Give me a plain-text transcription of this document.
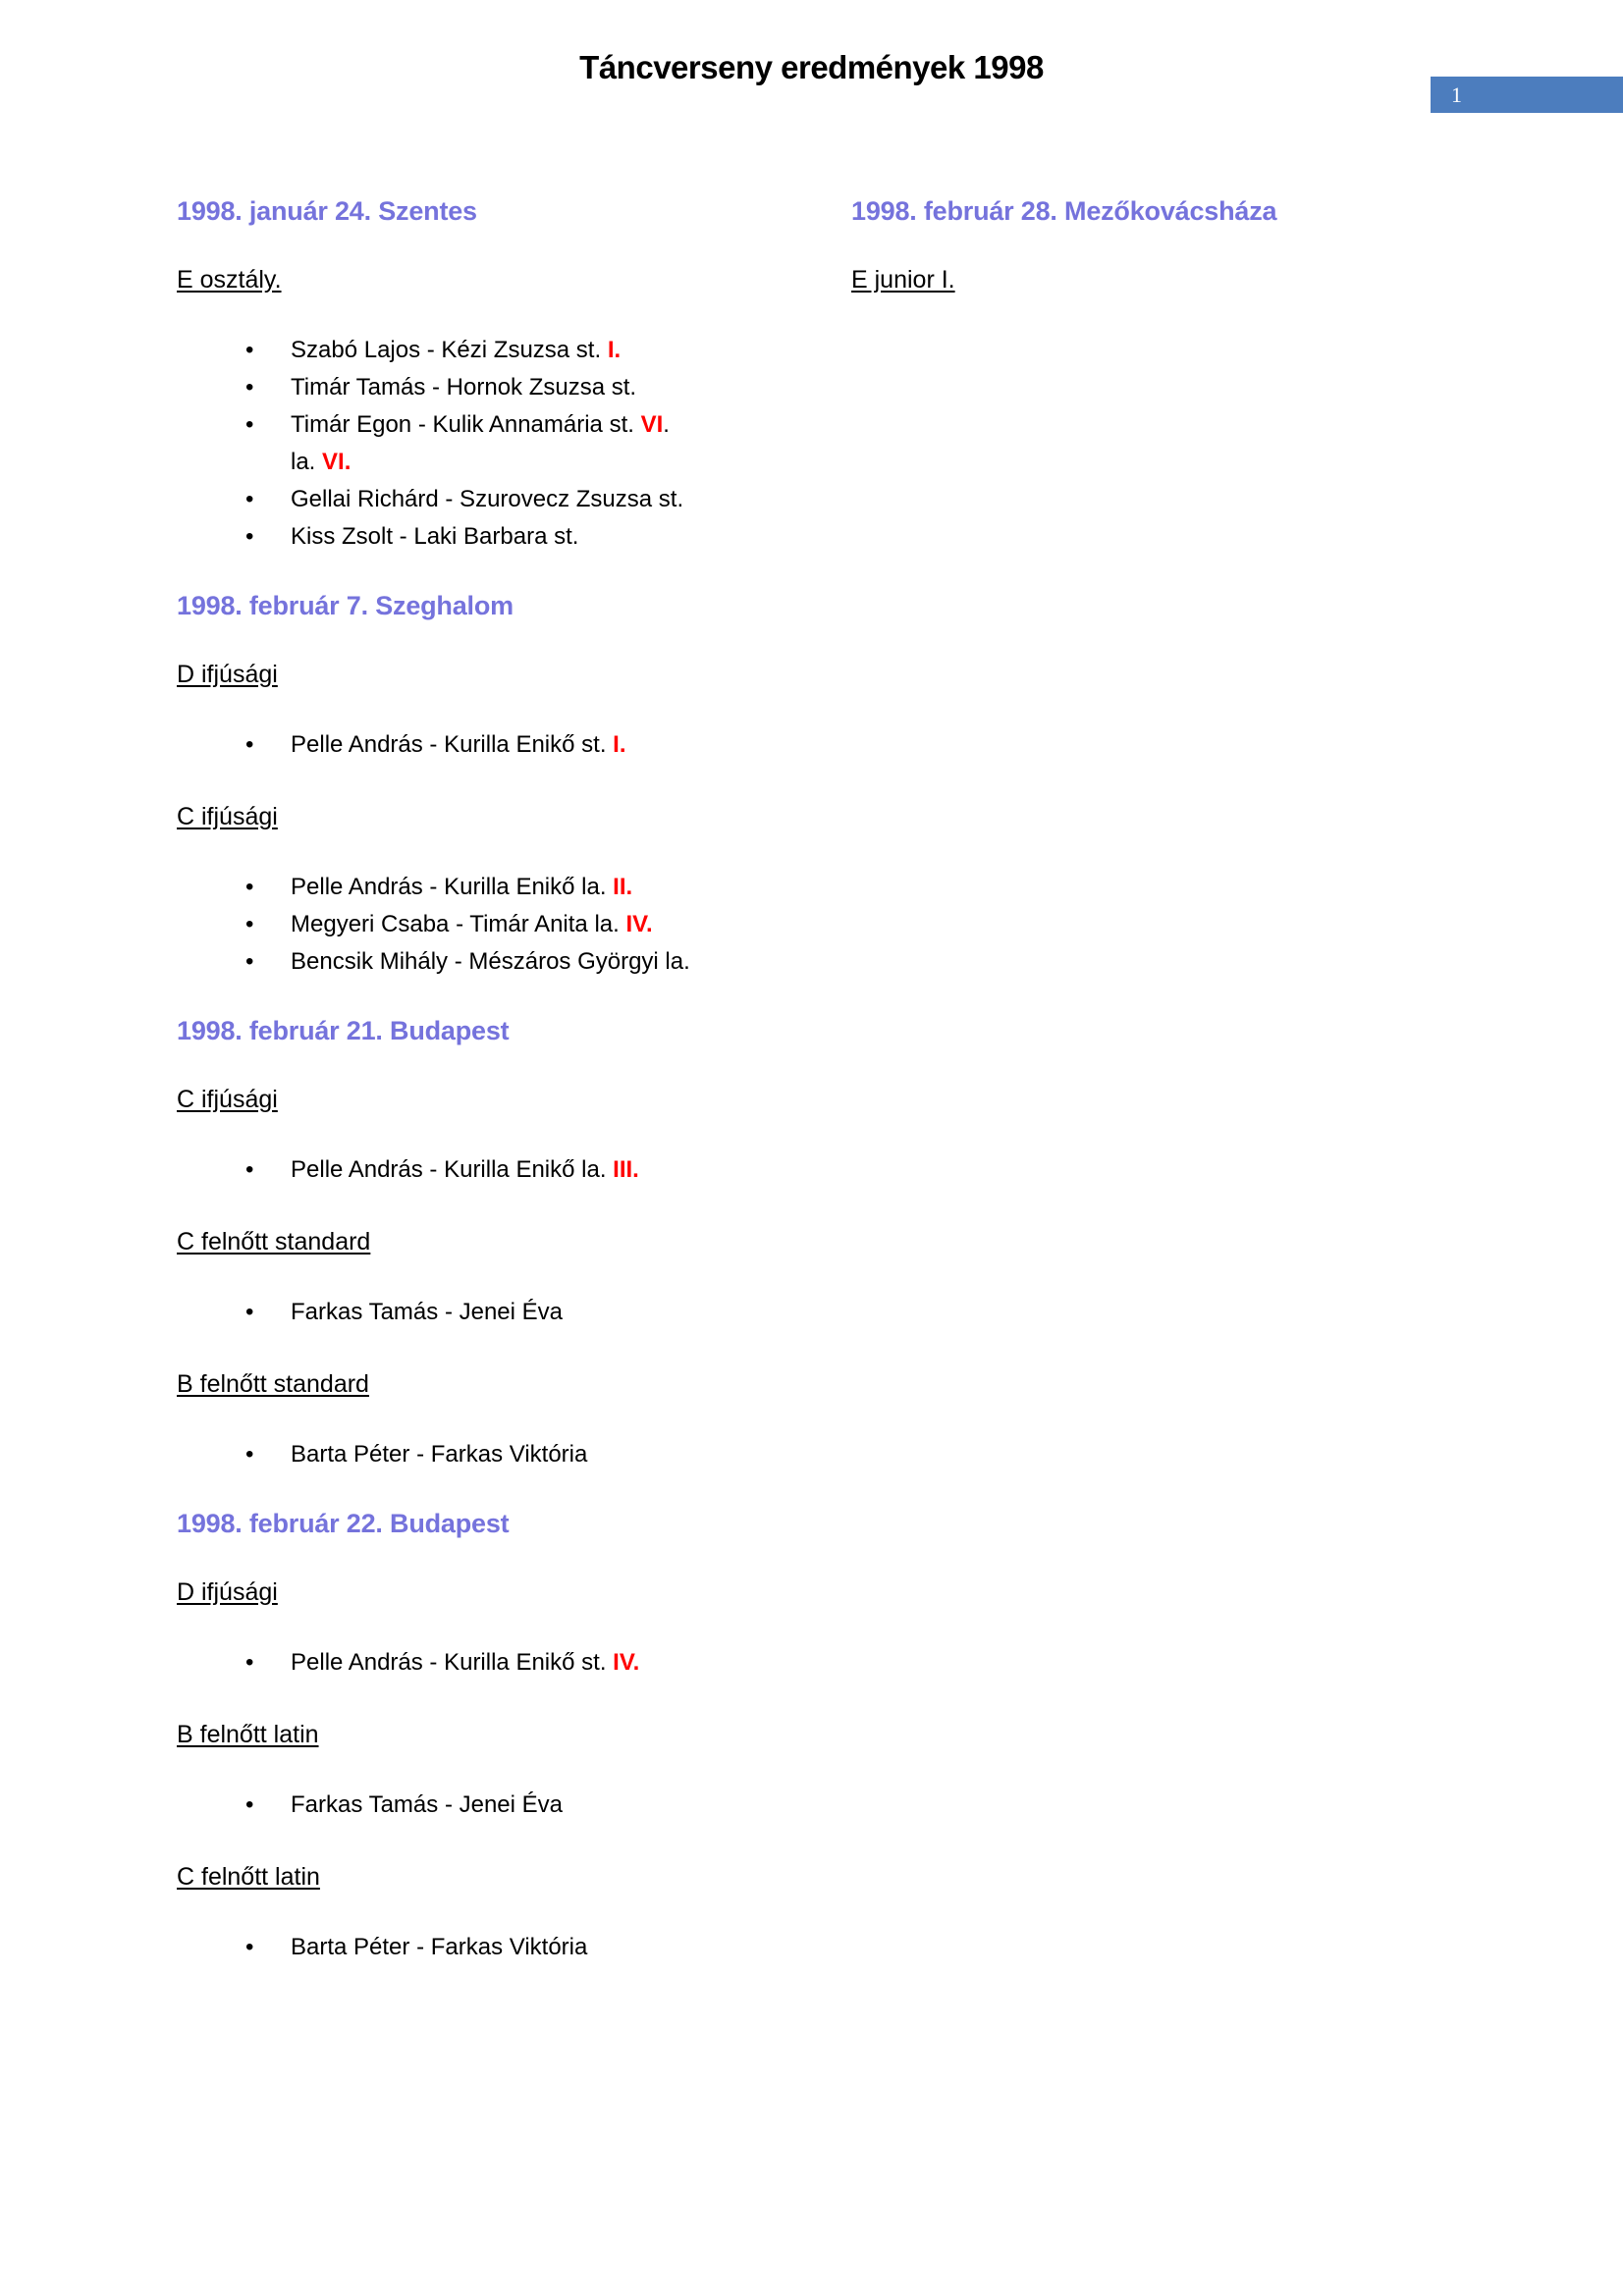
Táncverseny eredmények 1998
1
1998. január 24. Szentes
E osztály.
• Szabó Lajos - Kézi Zsuzsa st. I.
• Timár Tamás - Hornok Zsuzsa st.
• Timár Egon - Kulik Annamária st. VI.
la. VI.
• Gellai Richárd - Szurovecz Zsuzsa st.
• Kiss Zsolt - Laki Barbara st.
1998. február 7. Szeghalom
D ifjúsági
• Pelle András - Kurilla Enikő st. I.
C ifjúsági
• Pelle András - Kurilla Enikő la. II.
• Megyeri Csaba - Timár Anita la. IV.
• Bencsik Mihály - Mészáros Györgyi la.
1998. február 21. Budapest
C ifjúsági
• Pelle András - Kurilla Enikő la. III.
C felnőtt standard
• Farkas Tamás - Jenei Éva
B felnőtt standard
• Barta Péter - Farkas Viktória
1998. február 22. Budapest
D ifjúsági
• Pelle András - Kurilla Enikő st. IV.
B felnőtt latin
• Farkas Tamás - Jenei Éva
C felnőtt latin
• Barta Péter - Farkas Viktória
1998. február 28. Mezőkovácsháza
E junior I.
